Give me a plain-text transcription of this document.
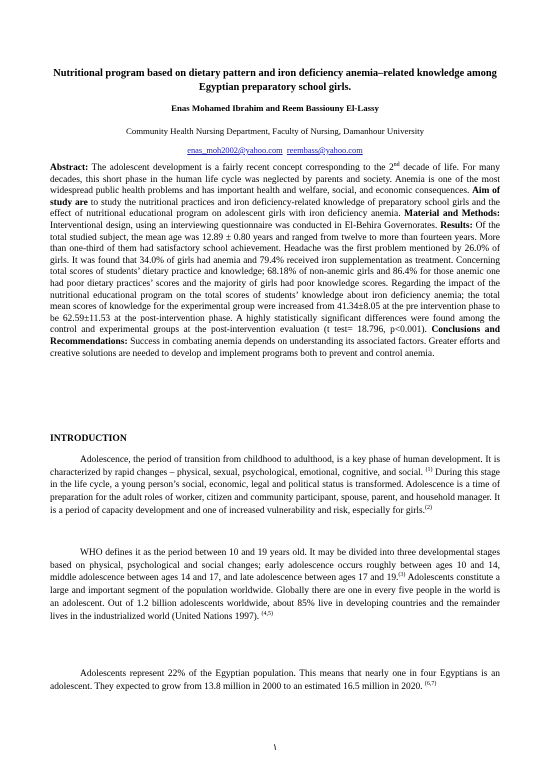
Nutritional program based on dietary pattern and iron deficiency anemia–related knowledge among Egyptian preparatory school girls.
Enas Mohamed Ibrahim and Reem Bassiouny El-Lassy
Community Health Nursing Department, Faculty of Nursing, Damanhour University
enas_moh2002@yahoo.com reembass@yahoo.com
Abstract: The adolescent development is a fairly recent concept corresponding to the 2nd decade of life. For many decades, this short phase in the human life cycle was neglected by parents and society. Anemia is one of the most widespread public health problems and has important health and welfare, social, and economic consequences. Aim of study are to study the nutritional practices and iron deficiency-related knowledge of preparatory school girls and the effect of nutritional educational program on adolescent girls with iron deficiency anemia. Material and Methods: Interventional design, using an interviewing questionnaire was conducted in El-Behira Governorates. Results: Of the total studied subject, the mean age was 12.89 ± 0.80 years and ranged from twelve to more than fourteen years. More than one-third of them had satisfactory school achievement. Headache was the first problem mentioned by 26.0% of girls. It was found that 34.0% of girls had anemia and 79.4% received iron supplementation as treatment. Concerning total scores of students’ dietary practice and knowledge; 68.18% of non-anemic girls and 86.4% for those anemic one had poor dietary practices’ scores and the majority of girls had poor knowledge scores. Regarding the impact of the nutritional educational program on the total scores of students’ knowledge about iron deficiency anemia; the total mean scores of knowledge for the experimental group were increased from 41.34±8.05 at the pre intervention phase to be 62.59±11.53 at the post-intervention phase. A highly statistically significant differences were found among the control and experimental groups at the post-intervention evaluation (t test= 18.796, p<0.001). Conclusions and Recommendations: Success in combating anemia depends on understanding its associated factors. Greater efforts and creative solutions are needed to develop and implement programs both to prevent and control anemia.
INTRODUCTION
Adolescence, the period of transition from childhood to adulthood, is a key phase of human development. It is characterized by rapid changes – physical, sexual, psychological, emotional, cognitive, and social. $^{(1)}$ During this stage in the life cycle, a young person’s social, economic, legal and political status is transformed. Adolescence is a time of preparation for the adult roles of worker, citizen and community participant, spouse, parent, and household manager. It is a period of capacity development and one of increased vulnerability and risk, especially for girls.$^{(2)}$
WHO defines it as the period between 10 and 19 years old. It may be divided into three developmental stages based on physical, psychological and social changes; early adolescence occurs roughly between ages 10 and 14, middle adolescence between ages 14 and 17, and late adolescence between ages 17 and 19.$^{(3)}$ Adolescents constitute a large and important segment of the population worldwide. Globally there are one in every five people in the world is an adolescent. Out of 1.2 billion adolescents worldwide, about 85% live in developing countries and the remainder lives in the industrialized world (United Nations 1997). $^{(4,5)}$
Adolescents represent 22% of the Egyptian population. This means that nearly one in four Egyptians is an adolescent. They expected to grow from 13.8 million in 2000 to an estimated 16.5 million in 2020. $^{(6,7)}$
١
